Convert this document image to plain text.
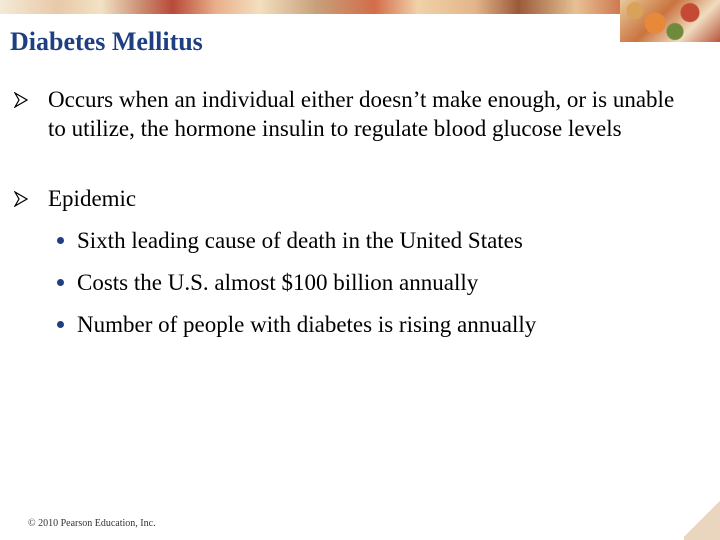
Diabetes Mellitus
Occurs when an individual either doesn’t make enough, or is unable to utilize, the hormone insulin to regulate blood glucose levels
Epidemic
Sixth leading cause of death in the United States
Costs the U.S. almost $100 billion annually
Number of people with diabetes is rising annually
© 2010 Pearson Education, Inc.
